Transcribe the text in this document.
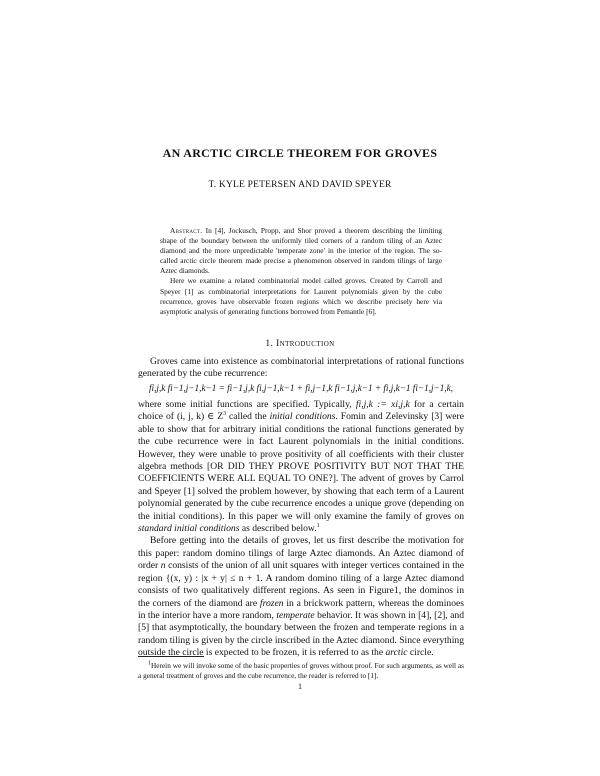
AN ARCTIC CIRCLE THEOREM FOR GROVES
T. KYLE PETERSEN AND DAVID SPEYER

Abstract. In [4], Jockusch, Propp, and Shor proved a theorem describing the limiting shape of the boundary between the uniformly tiled corners of a random tiling of an Aztec diamond and the more unpredictable 'temperate zone' in the interior of the region. The so-called arctic circle theorem made precise a phenomenon observed in random tilings of large Aztec diamonds.

Here we examine a related combinatorial model called groves. Created by Carroll and Speyer [1] as combinatorial interpretations for Laurent polynomials given by the cube recurrence, groves have observable frozen regions which we describe precisely here via asymptotic analysis of generating functions borrowed from Pemantle [6].

1. Introduction

Groves came into existence as combinatorial interpretations of rational functions generated by the cube recurrence:

fi,j,k fi−1,j−1,k−1 = fi−1,j,k fi,j−1,k−1 + fi,j−1,k fi−1,j,k−1 + fi,j,k−1 fi−1,j−1,k,

where some initial functions are specified. Typically, fi,j,k := xi,j,k for a certain choice of (i, j, k) ∈ $Z^3$ called the initial conditions. Fomin and Zelevinsky [3] were able to show that for arbitrary initial conditions the rational functions generated by the cube recurrence were in fact Laurent polynomials in the initial conditions. However, they were unable to prove positivity of all coefficients with their cluster algebra methods [OR DID THEY PROVE POSITIVITY BUT NOT THAT THE COEFFICIENTS WERE ALL EQUAL TO ONE?]. The advent of groves by Carrol and Speyer [1] solved the problem however, by showing that each term of a Laurent polynomial generated by the cube recurrence encodes a unique grove (depending on the initial conditions). In this paper we will only examine the family of groves on standard initial conditions as described below.$^1$

Before getting into the details of groves, let us first describe the motivation for this paper: random domino tilings of large Aztec diamonds. An Aztec diamond of order n consists of the union of all unit squares with integer vertices contained in the region {(x, y) : |x + y| ≤ n + 1. A random domino tiling of a large Aztec diamond consists of two qualitatively different regions. As seen in Figure1, the dominos in the corners of the diamond are frozen in a brickwork pattern, whereas the dominoes in the interior have a more random, temperate behavior. It was shown in [4], [2], and [5] that asymptotically, the boundary between the frozen and temperate regions in a random tiling is given by the circle inscribed in the Aztec diamond. Since everything outside the circle is expected to be frozen, it is referred to as the arctic circle.

$^1$Herein we will invoke some of the basic properties of groves without proof. For such arguments, as well as a general treatment of groves and the cube recurrence, the reader is referred to [1].

1
